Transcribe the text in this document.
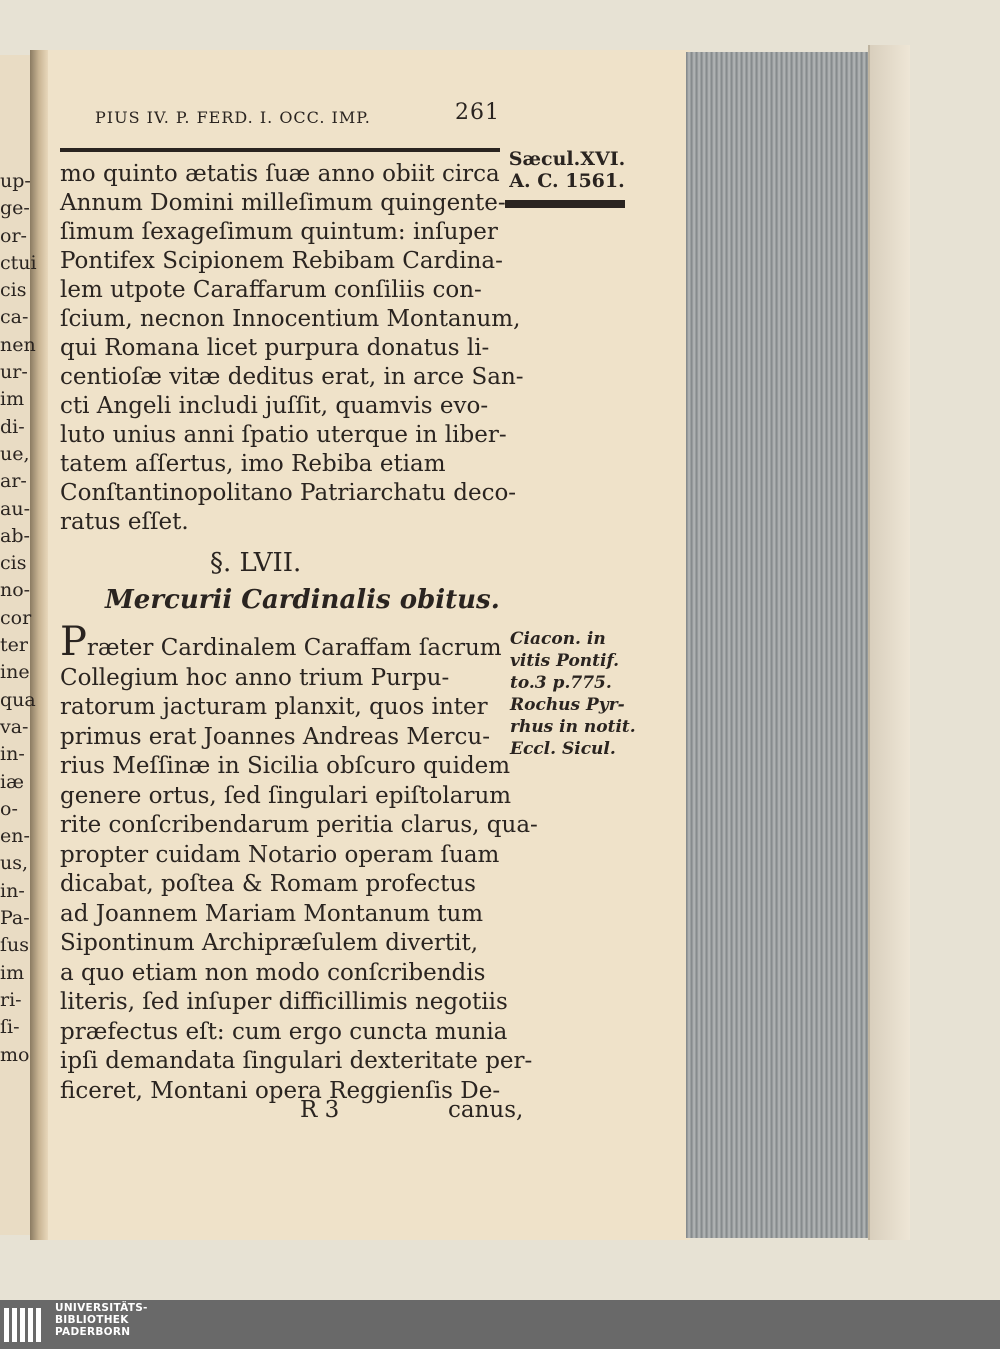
up-
ge-
or-
ctui
cis
ca-
nen
ur-
im
di-
ue,
ar-
au-
ab-
cis
no-
cor
ter
ine
qua
va-
in-
iæ
o-
en-
us,
in-
Pa-
ſus
im
ri-
ſi-
mo
PIUS IV. P. FERD. I. OCC. IMP.	261
Sæcul.XVI.
A. C. 1561.
mo quinto ætatis ſuæ anno obiit circa
Annum Domini milleſimum quingente-
ſimum ſexageſimum quintum: inſuper
Pontifex Scipionem Rebibam Cardina-
lem utpote Caraffarum conſiliis con-
ſcium, necnon Innocentium Montanum,
qui Romana licet purpura donatus li-
centioſæ vitæ deditus erat, in arce San-
cti Angeli includi juſſit, quamvis evo-
luto unius anni ſpatio uterque in liber-
tatem aſſertus, imo Rebiba etiam
Conſtantinopolitano Patriarchatu deco-
ratus eſſet.
§. LVII.
Mercurii Cardinalis obitus.
Præter Cardinalem Caraffam ſacrum
Collegium hoc anno trium Purpu-
ratorum jacturam planxit, quos inter
primus erat Joannes Andreas Mercu-
rius Meſſinæ in Sicilia obſcuro quidem
genere ortus, ſed ſingulari epiſtolarum
rite conſcribendarum peritia clarus, qua-
propter cuidam Notario operam ſuam
dicabat, poſtea & Romam profectus
ad Joannem Mariam Montanum tum
Sipontinum Archipræſulem divertit,
a quo etiam non modo conſcribendis
literis, ſed inſuper difficillimis negotiis
præfectus eſt: cum ergo cuncta munia
ipſi demandata ſingulari dexteritate per-
ficeret, Montani opera Reggienſis De-
Ciacon. in
vitis Pontif.
to.3 p.775.
Rochus Pyr-
rhus in notit.
Eccl. Sicul.
R 3	canus,
UNIVERSITÄTS-
BIBLIOTHEK
PADERBORN
